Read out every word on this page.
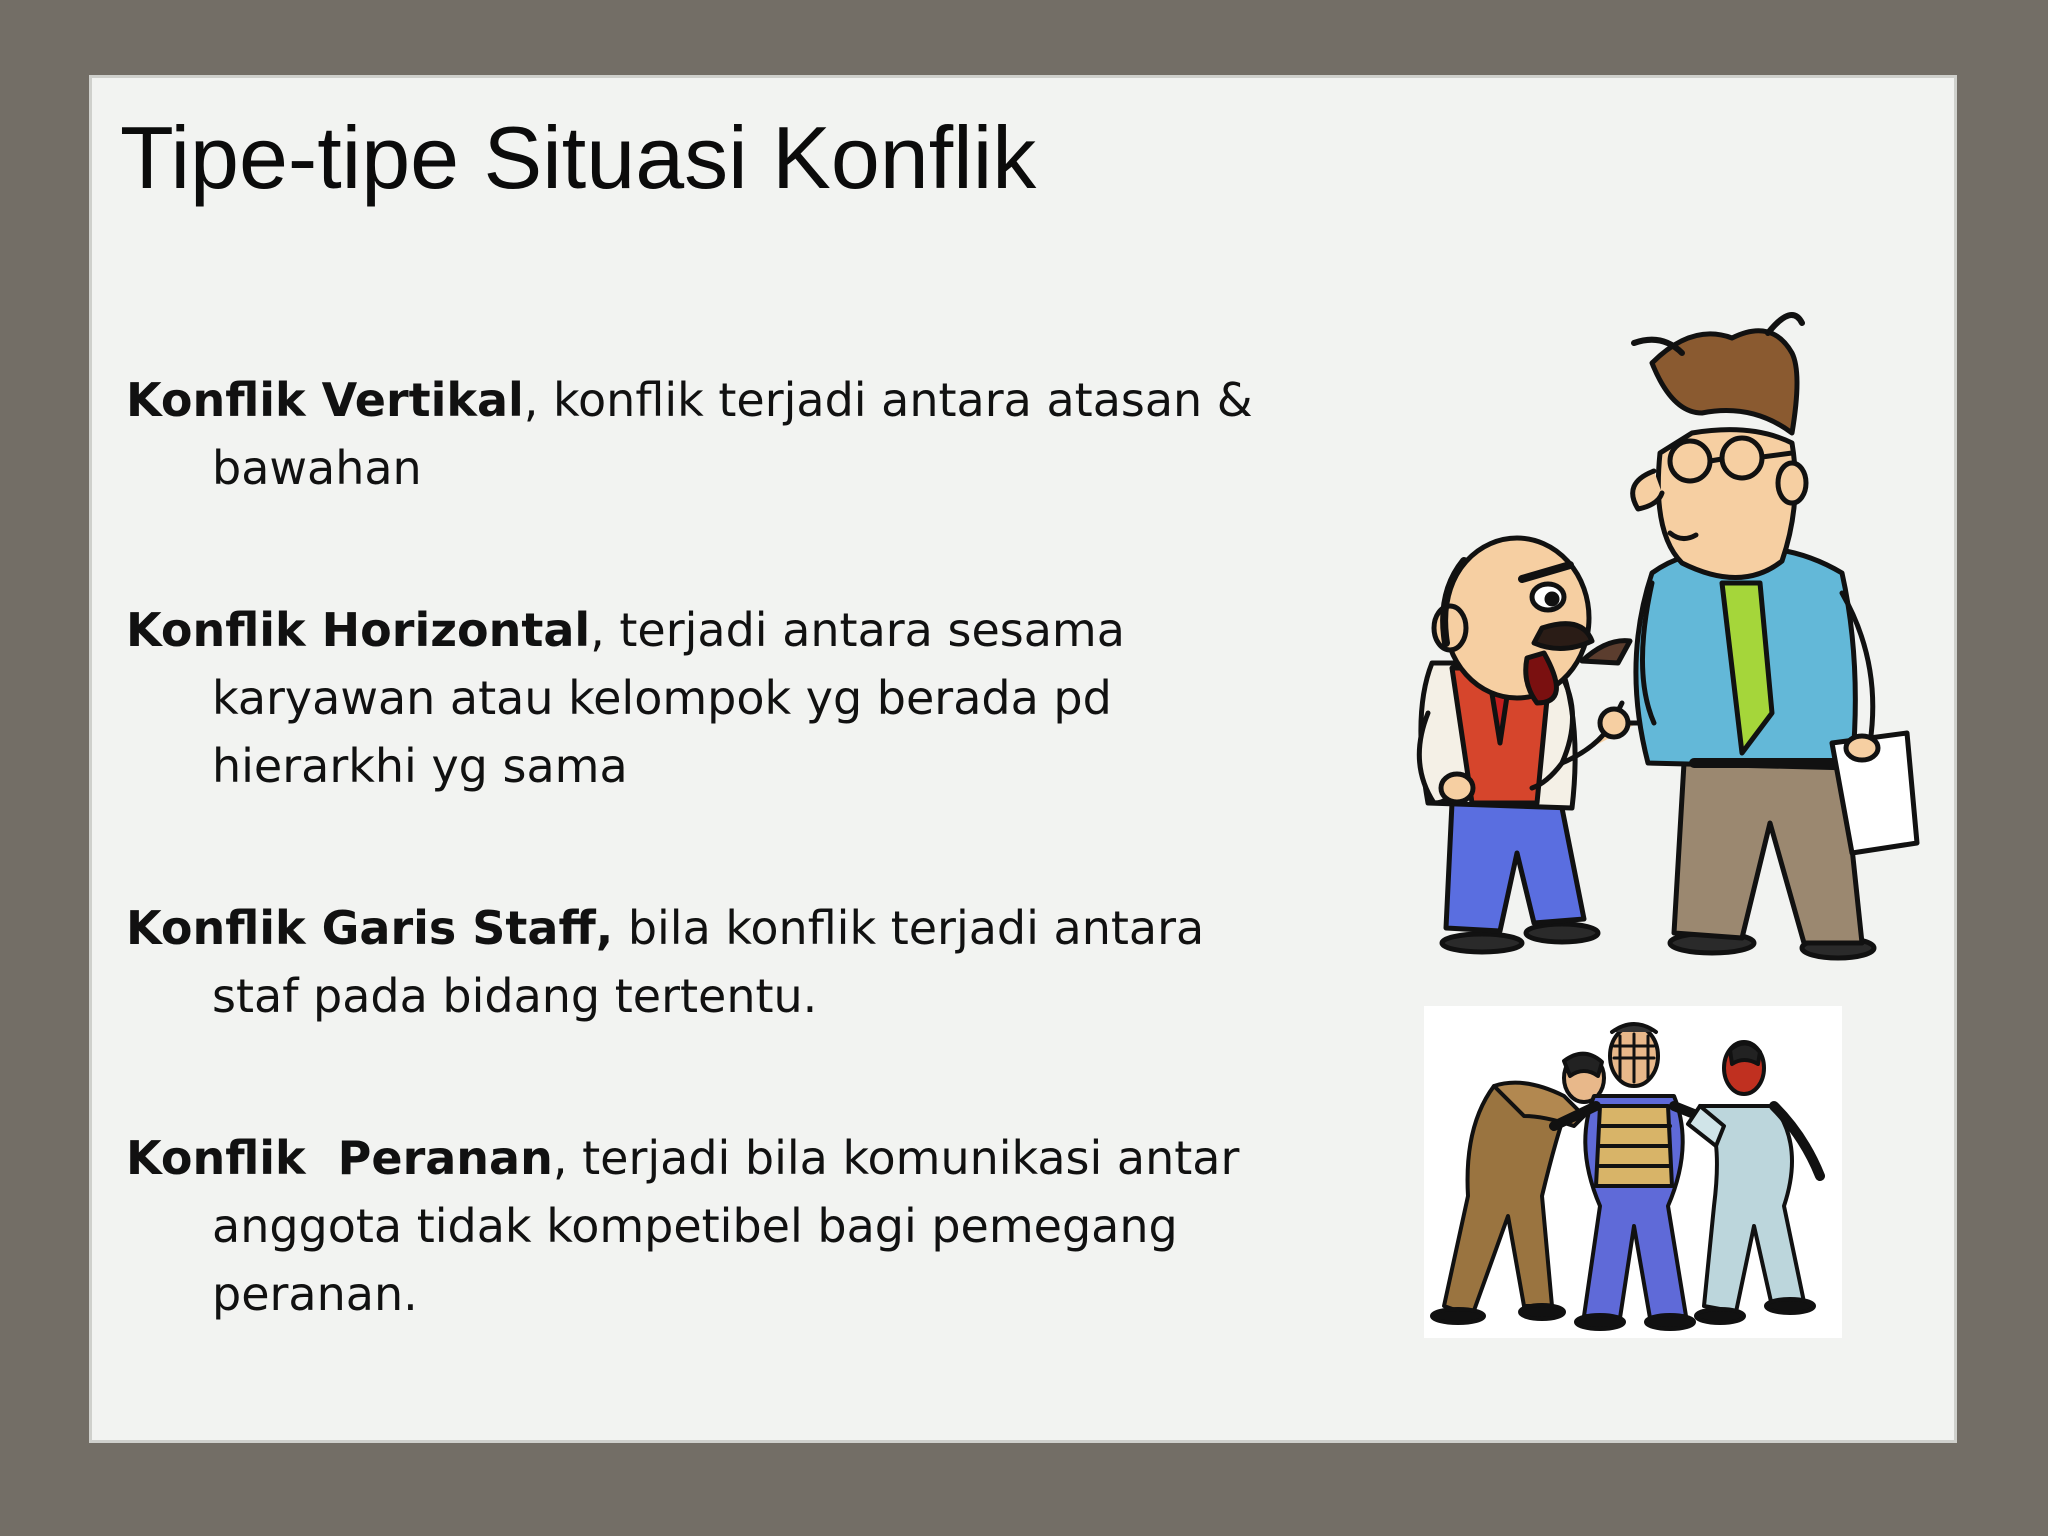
Tipe-tipe Situasi Konflik

Konflik Vertikal, konflik terjadi antara atasan & bawahan

Konflik Horizontal, terjadi antara sesama karyawan atau kelompok yg berada pd hierarkhi yg sama

Konflik Garis Staff, bila konflik terjadi antara staf pada bidang tertentu.

Konflik  Peranan, terjadi bila komunikasi antar anggota tidak kompetibel bagi pemegang peranan.
